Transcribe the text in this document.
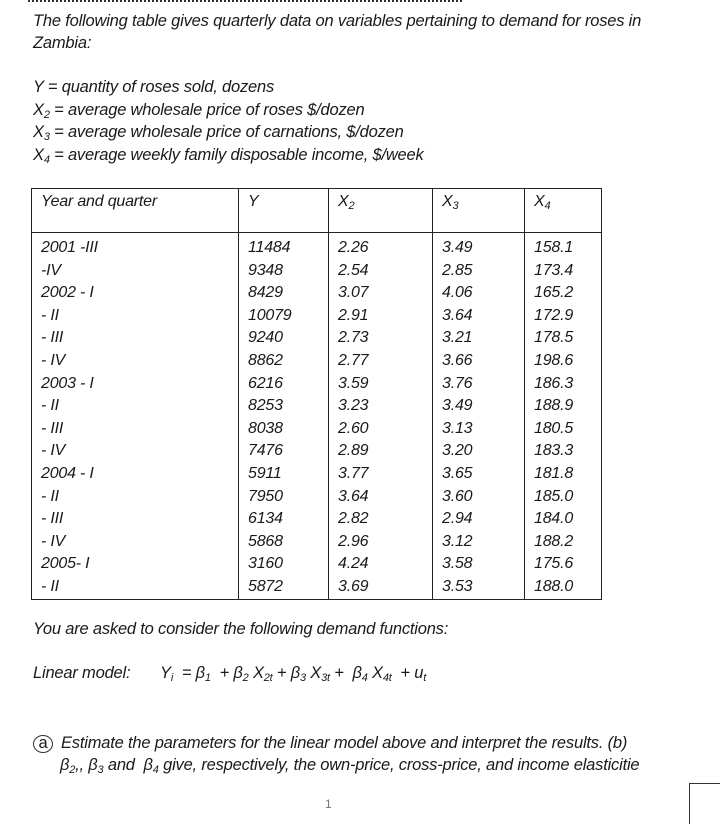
The following table gives quarterly data on variables pertaining to demand for roses in Zambia:
Y = quantity of roses sold, dozens
$X_2$ = average wholesale price of roses $/dozen
$X_3$ = average wholesale price of carnations, $/dozen
$X_4$ = average weekly family disposable income, $/week
Year and quarter	Y	$X_2$	$X_3$	$X_4$

2001 -III	11484	2.26	3.49	158.1
-IV	9348	2.54	2.85	173.4
2002 - I	8429	3.07	4.06	165.2
- II	10079	2.91	3.64	172.9
- III	9240	2.73	3.21	178.5
- IV	8862	2.77	3.66	198.6
2003 - I	6216	3.59	3.76	186.3
- II	8253	3.23	3.49	188.9
- III	8038	2.60	3.13	180.5
- IV	7476	2.89	3.20	183.3
2004 - I	5911	3.77	3.65	181.8
- II	7950	3.64	3.60	185.0
- III	6134	2.82	2.94	184.0
- IV	5868	2.96	3.12	188.2
2005- I	3160	4.24	3.58	175.6
- II	5872	3.69	3.53	188.0
You are asked to consider the following demand functions:
Linear model: $Y_i = \beta_1 + \beta_2$ $X_{2t} + \beta_3$ $X_{3t} + \beta_4$ $X_{4t} + u_t$
a Estimate the parameters for the linear model above and interpret the results. (b)
$\beta_2$,, $\beta_3$ and  $\beta_4$ give, respectively, the own-price, cross-price, and income elasticitie
1
